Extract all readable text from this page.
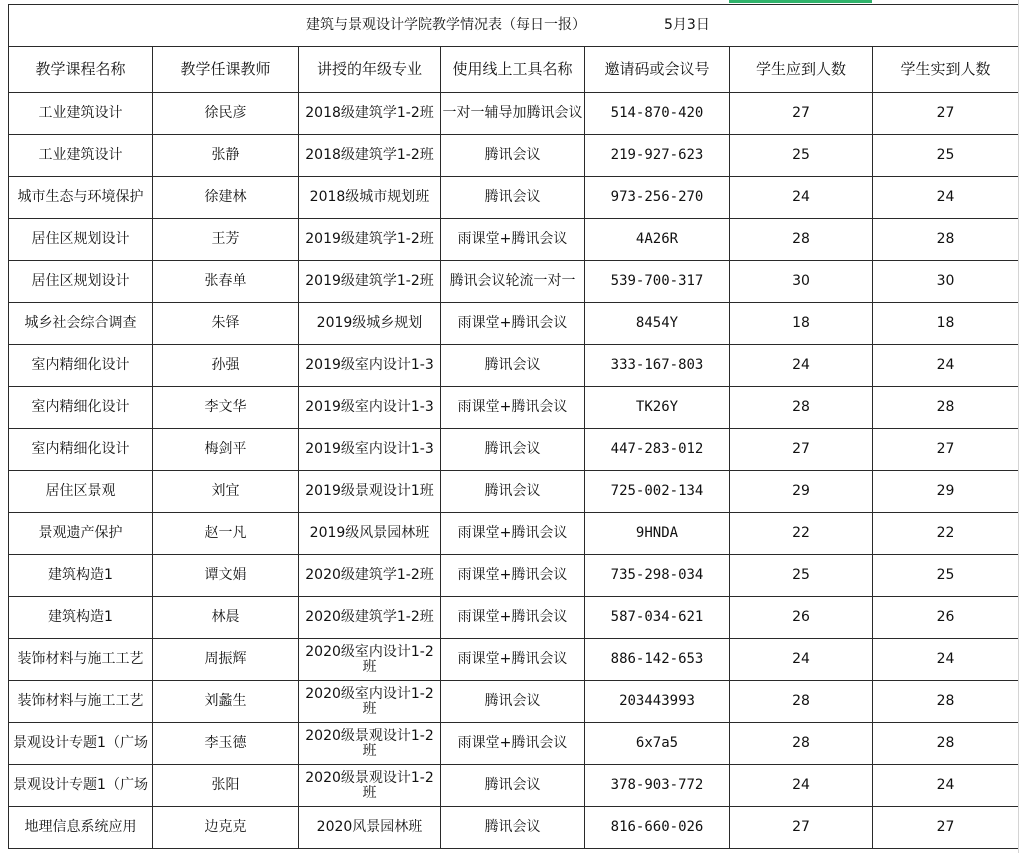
建筑与景观设计学院教学情况表（每日一报） 5月3日						

教学课程名称	教学任课教师	讲授的年级专业	使用线上工具名称	邀请码或会议号	学生应到人数	学生实到人数
工业建筑设计	徐民彦	2018级建筑学1-2班	一对一辅导加腾讯会议	514-870-420	27	27
工业建筑设计	张静	2018级建筑学1-2班	腾讯会议	219-927-623	25	25
城市生态与环境保护	徐建林	2018级城市规划班	腾讯会议	973-256-270	24	24
居住区规划设计	王芳	2019级建筑学1-2班	雨课堂+腾讯会议	4A26R	28	28
居住区规划设计	张春单	2019级建筑学1-2班	腾讯会议轮流一对一	539-700-317	30	30
城乡社会综合调查	朱铎	2019级城乡规划	雨课堂+腾讯会议	8454Y	18	18
室内精细化设计	孙强	2019级室内设计1-3	腾讯会议	333-167-803	24	24
室内精细化设计	李文华	2019级室内设计1-3	雨课堂+腾讯会议	TK26Y	28	28
室内精细化设计	梅剑平	2019级室内设计1-3	腾讯会议	447-283-012	27	27
居住区景观	刘宜	2019级景观设计1班	腾讯会议	725-002-134	29	29
景观遗产保护	赵一凡	2019级风景园林班	雨课堂+腾讯会议	9HNDA	22	22
建筑构造1	谭文娟	2020级建筑学1-2班	雨课堂+腾讯会议	735-298-034	25	25
建筑构造1	林晨	2020级建筑学1-2班	雨课堂+腾讯会议	587-034-621	26	26
装饰材料与施工工艺	周振辉	2020级室内设计1-2班	雨课堂+腾讯会议	886-142-653	24	24
装饰材料与施工工艺	刘蠡生	2020级室内设计1-2班	腾讯会议	203443993	28	28
景观设计专题1（广场	李玉德	2020级景观设计1-2班	雨课堂+腾讯会议	6x7a5	28	28
景观设计专题1（广场	张阳	2020级景观设计1-2班	腾讯会议	378-903-772	24	24
地理信息系统应用	边克克	2020风景园林班	腾讯会议	816-660-026	27	27
